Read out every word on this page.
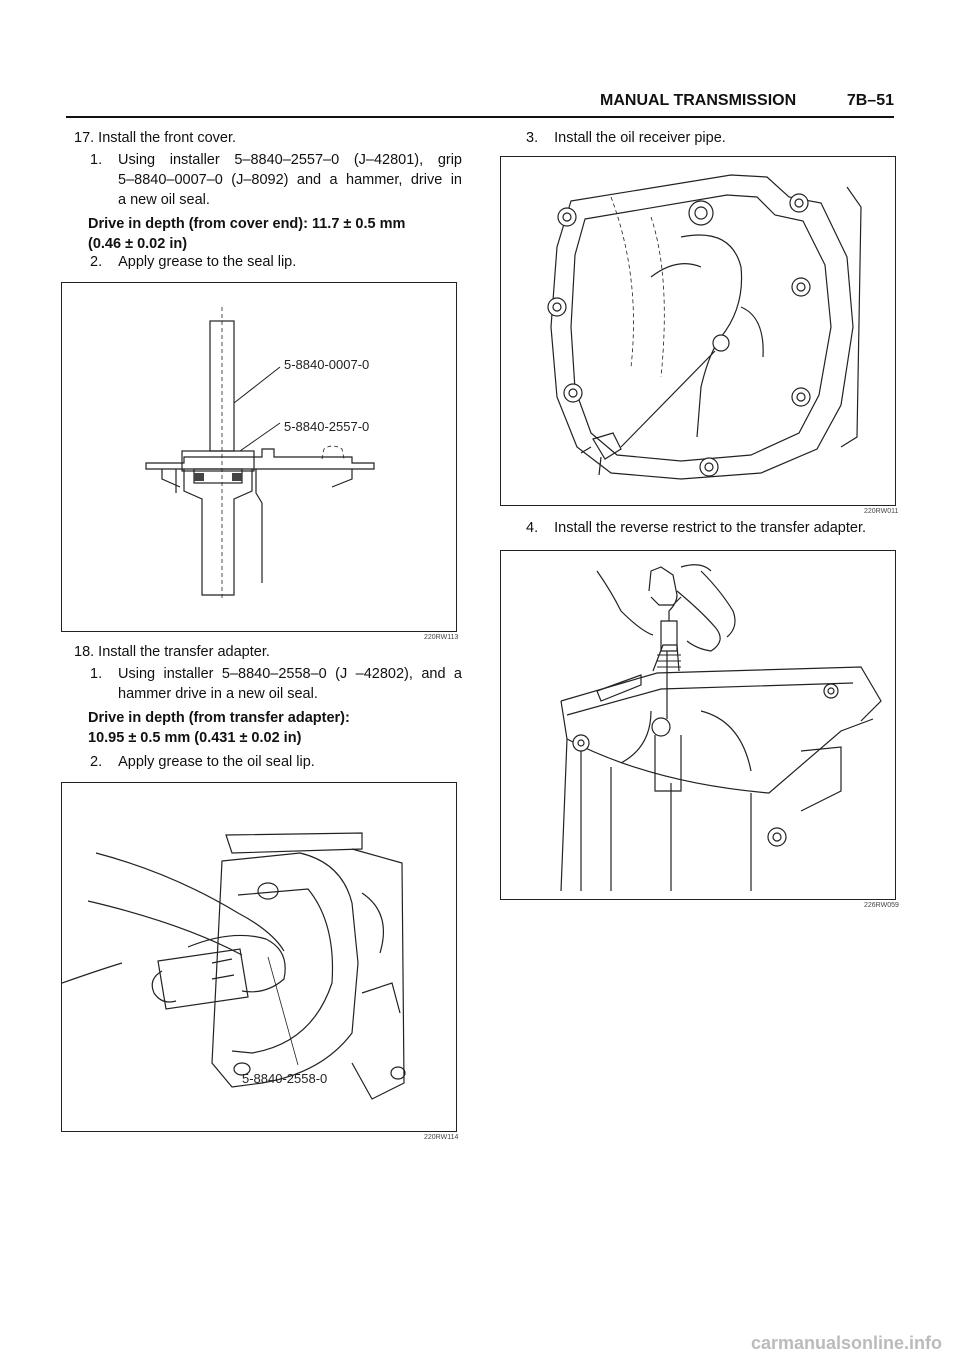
MANUAL TRANSMISSION	7B–51
17. Install the front cover.
1. Using installer 5–8840–2557–0 (J–42801), grip
5–8840–0007–0 (J–8092) and a hammer, drive in
a new oil seal.
Drive in depth (from cover end): 11.7 ± 0.5 mm
(0.46 ± 0.02 in)
2. Apply grease to the seal lip.
18. Install the transfer adapter.
1. Using installer 5–8840–2558–0 (J –42802), and a
hammer drive in a new oil seal.
Drive in depth (from transfer adapter):
10.95 ± 0.5 mm (0.431 ± 0.02 in)
2. Apply grease to the oil seal lip.
5-8840-0007-0
5-8840-2557-0
220RW113
5-8840-2558-0
220RW114
3. Install the oil receiver pipe.
4. Install the reverse restrict to the transfer adapter.
220RW011
226RW059
carmanualsonline.info
